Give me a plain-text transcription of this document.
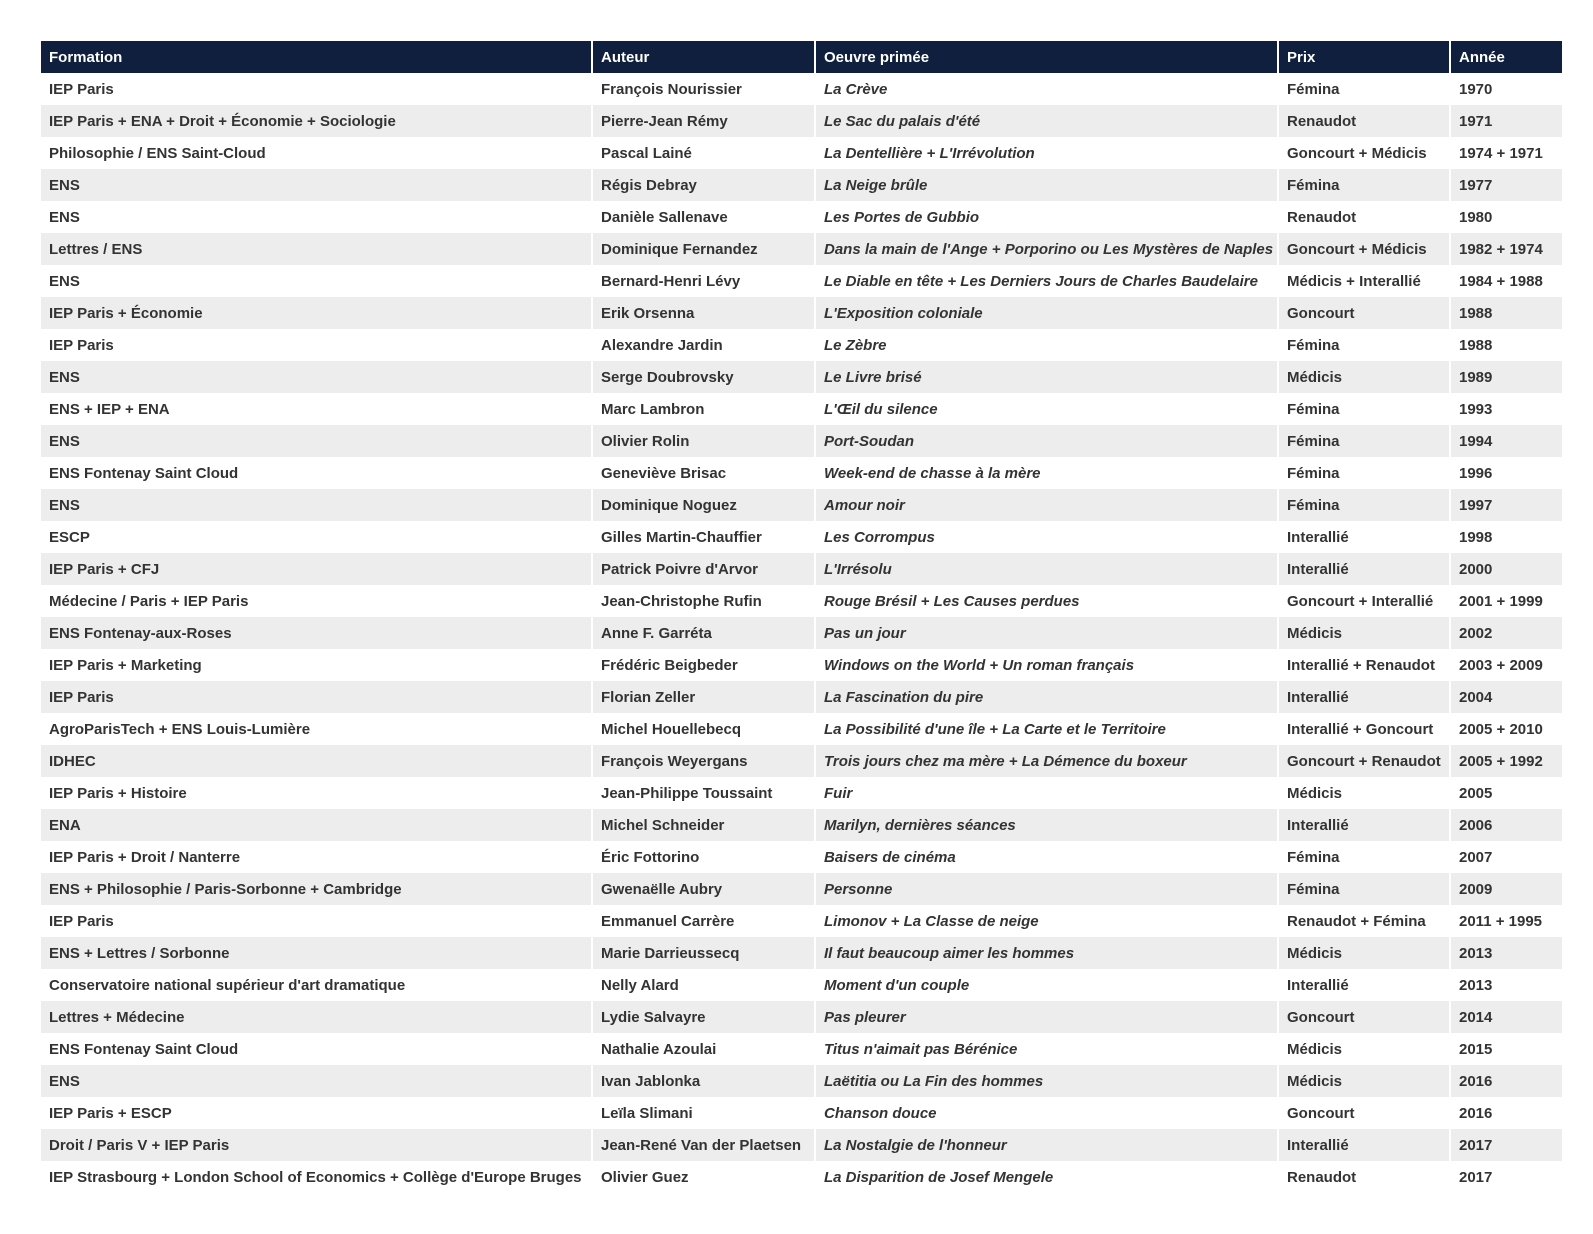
Formation	Auteur	Oeuvre primée	Prix	Année
IEP Paris	François Nourissier	La Crève	Fémina	1970
IEP Paris + ENA + Droit + Économie + Sociologie	Pierre-Jean Rémy	Le Sac du palais d'été	Renaudot	1971
Philosophie / ENS Saint-Cloud	Pascal Lainé	La Dentellière + L'Irrévolution	Goncourt + Médicis	1974 + 1971
ENS	Régis Debray	La Neige brûle	Fémina	1977
ENS	Danièle Sallenave	Les Portes de Gubbio	Renaudot	1980
Lettres / ENS	Dominique Fernandez	Dans la main de l'Ange + Porporino ou Les Mystères de Naples	Goncourt + Médicis	1982 + 1974
ENS	Bernard-Henri Lévy	Le Diable en tête + Les Derniers Jours de Charles Baudelaire	Médicis + Interallié	1984 + 1988
IEP Paris + Économie	Erik Orsenna	L'Exposition coloniale	Goncourt	1988
IEP Paris	Alexandre Jardin	Le Zèbre	Fémina	1988
ENS	Serge Doubrovsky	Le Livre brisé	Médicis	1989
ENS + IEP + ENA	Marc Lambron	L'Œil du silence	Fémina	1993
ENS	Olivier Rolin	Port-Soudan	Fémina	1994
ENS Fontenay Saint Cloud	Geneviève Brisac	Week-end de chasse à la mère	Fémina	1996
ENS	Dominique Noguez	Amour noir	Fémina	1997
ESCP	Gilles Martin-Chauffier	Les Corrompus	Interallié	1998
IEP Paris + CFJ	Patrick Poivre d'Arvor	L'Irrésolu	Interallié	2000
Médecine / Paris + IEP Paris	Jean-Christophe Rufin	Rouge Brésil + Les Causes perdues	Goncourt + Interallié	2001 + 1999
ENS Fontenay-aux-Roses	Anne F. Garréta	Pas un jour	Médicis	2002
IEP Paris + Marketing	Frédéric Beigbeder	Windows on the World + Un roman français	Interallié + Renaudot	2003 + 2009
IEP Paris	Florian Zeller	La Fascination du pire	Interallié	2004
AgroParisTech + ENS Louis-Lumière	Michel Houellebecq	La Possibilité d'une île + La Carte et le Territoire	Interallié + Goncourt	2005 + 2010
IDHEC	François Weyergans	Trois jours chez ma mère + La Démence du boxeur	Goncourt + Renaudot	2005 + 1992
IEP Paris + Histoire	Jean-Philippe Toussaint	Fuir	Médicis	2005
ENA	Michel Schneider	Marilyn, dernières séances	Interallié	2006
IEP Paris + Droit / Nanterre	Éric Fottorino	Baisers de cinéma	Fémina	2007
ENS + Philosophie / Paris-Sorbonne + Cambridge	Gwenaëlle Aubry	Personne	Fémina	2009
IEP Paris	Emmanuel Carrère	Limonov + La Classe de neige	Renaudot + Fémina	2011 + 1995
ENS + Lettres / Sorbonne	Marie Darrieussecq	Il faut beaucoup aimer les hommes	Médicis	2013
Conservatoire national supérieur d'art dramatique	Nelly Alard	Moment d'un couple	Interallié	2013
Lettres + Médecine	Lydie Salvayre	Pas pleurer	Goncourt	2014
ENS Fontenay Saint Cloud	Nathalie Azoulai	Titus n'aimait pas Bérénice	Médicis	2015
ENS	Ivan Jablonka	Laëtitia ou La Fin des hommes	Médicis	2016
IEP Paris + ESCP	Leïla Slimani	Chanson douce	Goncourt	2016
Droit / Paris V + IEP Paris	Jean-René Van der Plaetsen	La Nostalgie de l'honneur	Interallié	2017
IEP Strasbourg + London School of Economics + Collège d'Europe Bruges	Olivier Guez	La Disparition de Josef Mengele	Renaudot	2017
